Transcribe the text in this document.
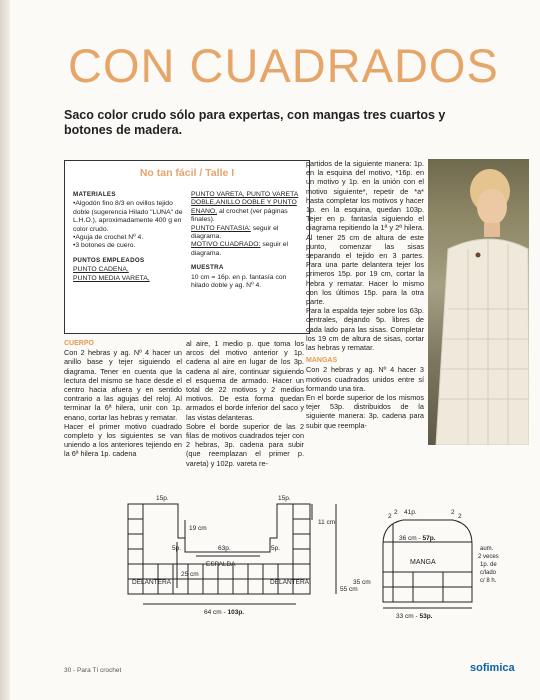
CON CUADRADOS
Saco color crudo sólo para expertas, con mangas tres cuartos y botones de madera.
No tan fácil / Talle I
MATERIALES
•Algodón fino 8/3 en ovillos tejido doble (sugerencia Hilado "LUNA" de L.H.O.), aproximadamente 400 g en color crudo.
•Aguja de crochet Nº 4.
•3 botones de cuero.
PUNTOS EMPLEADOS
PUNTO CADENA,
PUNTO MEDIA VARETA,
PUNTO VARETA, PUNTO VARETA DOBLE,ANILLO DOBLE Y PUNTO ENANO, al crochet (ver páginas finales).
PUNTO FANTASIA: seguir el diagrama.
MOTIVO CUADRADO: seguir el diagrama.
MUESTRA
10 cm = 16p. en p. fantasía con hilado doble y ag. Nº 4.
CUERPO
Con 2 hebras y ag. Nº 4 hacer un anillo base y tejer siguiendo el diagrama. Tener en cuenta que la lectura del mismo se hace desde el centro hacia afuera y en sentido contrario a las agujas del reloj. Al terminar la 6ª hilera, unir con 1p. enano, cortar las hebras y rematar.
Hacer el primer motivo cuadrado completo y los siguientes se van uniendo a los anteriores tejiendo en la 6ª hilera 1p. cadena
al aire, 1 medio p. que toma los arcos del motivo anterior y 1p. cadena al aire en lugar de los 3p. cadena al aire, continuar siguiendo el esquema de armado. Hacer un total de 22 motivos y 2 medios motivos. De esta forma quedan armados el borde inferior del saco y las vistas delanteras.
Sobre el borde superior de las 2 filas de motivos cuadrados tejer con 2 hebras, 3p. cadena para subir (que reemplazan el primer p. vareta) y 102p. vareta re-
partidos de la siguiente manera: 1p. en la esquina del motivo, *16p. en un motivo y 1p. en la unión con el motivo siguiente*, repetir de *a* hasta completar los motivos y hacer 1p. en la esquina, quedan 103p. Tejer en p. fantasía siguiendo el diagrama repitiendo la 1ª y 2ª hilera. Al tener 25 cm de altura de este punto, comenzar las sisas separando el tejido en 3 partes. Para una parte delantera tejer los primeros 15p. por 19 cm, cortar la hebra y rematar. Hacer lo mismo con los últimos 15p. para la otra parte.
Para la espalda tejer sobre los 63p. centrales, dejando 5p. libres de cada lado para las sisas. Completar los 19 cm de altura de sisas, cortar las hebras y rematar.
MANGAS
Con 2 hebras y ag. Nº 4 hacer 3 motivos cuadrados unidos entre sí formando una tira.
En el borde superior de los mismos tejer 53p. distribuidos de la siguiente manera: 3p. cadena para subir que reempla-
15p.	15p.
19 cm
11 cm
5p.	5p.
63p.
ESPALDA
25 cm
DELANTERA	DELANTERA
55 cm
64 cm - 103p.
41p.
2
2	2
2
36 cm - 57p.
MANGA
35 cm
aum.
2 veces
1p. de
c/lado
c/ 8 h.
33 cm - 53p.
30 - Para Tí crochet	sofimica
